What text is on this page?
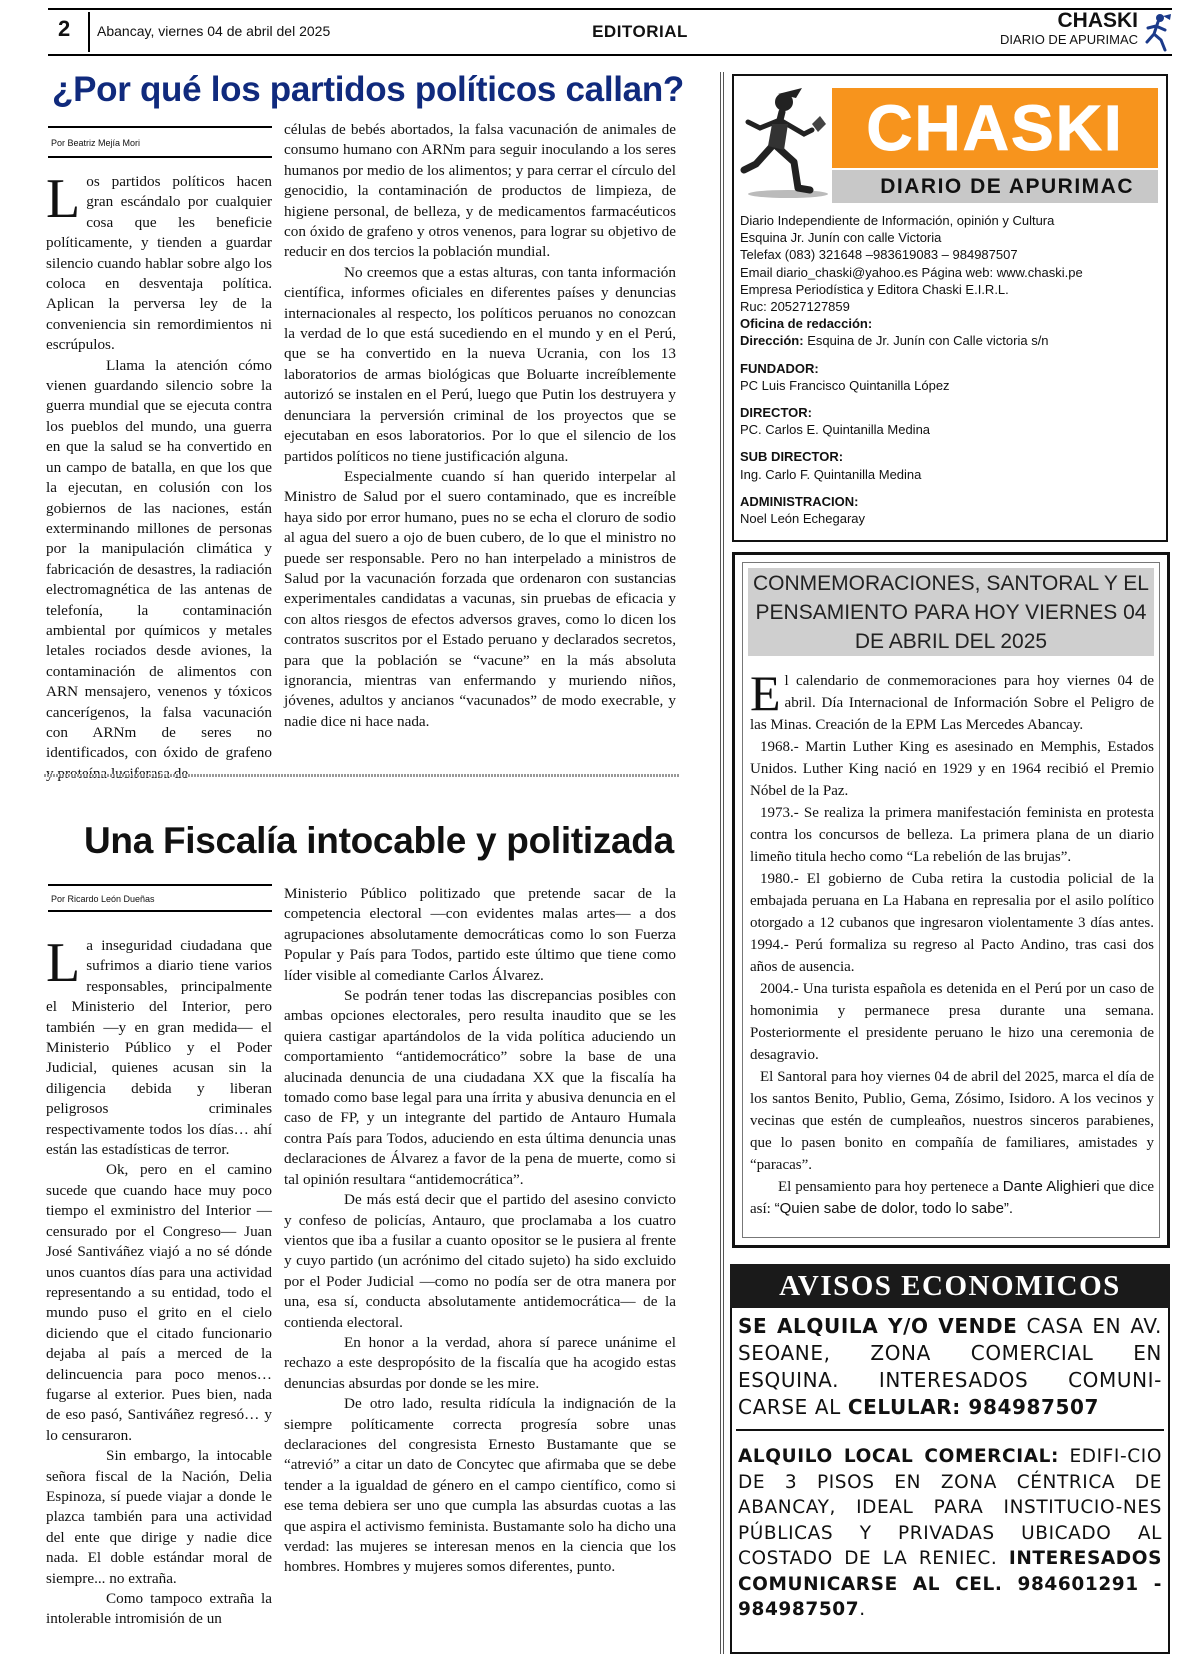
2 Abancay, viernes 04 de abril del 2025	EDITORIAL	CHASKI
DIARIO DE APURIMAC
¿Por qué los partidos políticos callan?
Por Beatriz Mejía Mori

Los partidos políticos hacen gran escándalo por cualquier cosa que les beneficie políticamente, y tienden a guardar silencio cuando hablar sobre algo los coloca en desventaja política. Aplican la perversa ley de la conveniencia sin remordimientos ni escrúpulos.

Llama la atención cómo vienen guardando silencio sobre la guerra mundial que se ejecuta contra los pueblos del mundo, una guerra en que la salud se ha convertido en un campo de batalla, en que los que la ejecutan, en colusión con los gobiernos de las naciones, están exterminando millones de personas por la manipulación climática y fabricación de desastres, la radiación electromagnética de las antenas de telefonía, la contaminación ambiental por químicos y metales letales rociados desde aviones, la contaminación de alimentos con ARN mensajero, venenos y tóxicos cancerígenos, la falsa vacunación con ARNm de seres no identificados, con óxido de grafeno

células de bebés abortados, la falsa vacunación de animales de consumo humano con ARNm para seguir inoculando a los seres humanos por medio de los alimentos; y para cerrar el círculo del genocidio, la contaminación de productos de limpieza, de higiene personal, de belleza, y de medicamentos farmacéuticos con óxido de grafeno y otros venenos, para lograr su objetivo de reducir en dos tercios la población mundial.

No creemos que a estas alturas, con tanta información científica, informes oficiales en diferentes países y denuncias internacionales al respecto, los políticos peruanos no conozcan la verdad de lo que está sucediendo en el mundo y en el Perú, que se ha convertido en la nueva Ucrania, con los 13 laboratorios de armas biológicas que Boluarte increíblemente autorizó se instalen en el Perú, luego que Putin los destruyera y denunciara la perversión criminal de los proyectos que se ejecutaban en esos laboratorios. Por lo que el silencio de los partidos políticos no tiene justificación alguna.

Especialmente cuando sí han querido interpelar al Ministro de Salud por el suero contaminado, que es increíble haya sido por error humano, pues no se echa el cloruro de sodio al agua del suero a ojo de buen cubero, de lo que el ministro no puede ser responsable. Pero no han interpelado a ministros de Salud por la vacunación forzada que ordenaron con sustancias experimentales candidatas a vacunas, sin pruebas de eficacia y con altos riesgos de efectos adversos graves, como lo dicen los contratos suscritos por el Estado peruano y declarados secretos, para que la población se “vacune” en la más absoluta ignorancia, mientras van enfermando y muriendo niños, jóvenes, adultos y ancianos “vacunados” de modo execrable, y nadie dice ni hace nada.

Una Fiscalía intocable y politizada
Por Ricardo León Dueñas

La inseguridad ciudadana que sufrimos a diario tiene varios responsables, principalmente el Ministerio del Interior, pero también —y en gran medida— el Ministerio Público y el Poder Judicial, quienes acusan sin la diligencia debida y liberan peligrosos criminales respectivamente todos los días… ahí están las estadísticas de terror.

Ok, pero en el camino sucede que cuando hace muy poco tiempo el exministro del Interior —censurado por el Congreso— Juan José Santiváñez viajó a no sé dónde unos cuantos días para una actividad representando a su entidad, todo el mundo puso el grito en el cielo diciendo que el citado funcionario dejaba al país a merced de la delincuencia para poco menos… fugarse al exterior. Pues bien, nada de eso pasó, Santiváñez regresó… y lo censuraron.

Sin embargo, la intocable señora fiscal de la Nación, Delia Espinoza, sí puede viajar a donde le plazca también para una actividad del ente que dirige y nadie dice nada. El doble estándar moral de siempre... no extraña.

Como tampoco extraña la intolerable intromisión de un

Ministerio Público politizado que pretende sacar de la competencia electoral —con evidentes malas artes— a dos agrupaciones absolutamente democráticas como lo son Fuerza Popular y País para Todos, partido este último que tiene como líder visible al comediante Carlos Álvarez.

Se podrán tener todas las discrepancias posibles con ambas opciones electorales, pero resulta inaudito que se les quiera castigar apartándolos de la vida política aduciendo un comportamiento “antidemocrático” sobre la base de una alucinada denuncia de una ciudadana XX que la fiscalía ha tomado como base legal para una írrita y abusiva denuncia en el caso de FP, y un integrante del partido de Antauro Humala contra País para Todos, aduciendo en esta última denuncia unas declaraciones de Álvarez a favor de la pena de muerte, como si tal opinión resultara “antidemocrática”.

De más está decir que el partido del asesino convicto y confeso de policías, Antauro, que proclamaba a los cuatro vientos que iba a fusilar a cuanto opositor se le pusiera al frente y cuyo partido (un acrónimo del citado sujeto) ha sido excluido por el Poder Judicial —como no podía ser de otra manera por una, esa sí, conducta absolutamente antidemocrática— de la contienda electoral.

En honor a la verdad, ahora sí parece unánime el rechazo a este despropósito de la fiscalía que ha acogido estas denuncias absurdas por donde se les mire.

De otro lado, resulta ridícula la indignación de la siempre políticamente correcta progresía sobre unas declaraciones del congresista Ernesto Bustamante que se “atrevió” a citar un dato de Concytec que afirmaba que se debe tender a la igualdad de género en el campo científico, como si ese tema debiera ser uno que cumpla las absurdas cuotas a las que aspira el activismo feminista. Bustamante solo ha dicho una verdad: las mujeres se interesan menos en la ciencia que los hombres. Hombres y mujeres somos diferentes, punto.

CHASKI
DIARIO DE APURIMAC
Diario Independiente de Información, opinión y Cultura
Esquina Jr. Junín con calle Victoria
Telefax (083) 321648 –983619083 – 984987507
Email diario_chaski@yahoo.es Página web: www.chaski.pe
Empresa Periodística y Editora Chaski E.I.R.L.
Ruc: 20527127859
Oficina de redacción:
Dirección: Esquina de Jr. Junín con Calle victoria s/n
FUNDADOR:
PC Luis Francisco Quintanilla López
DIRECTOR:
PC. Carlos E. Quintanilla Medina
SUB DIRECTOR:
Ing. Carlo F. Quintanilla Medina
ADMINISTRACION:
Noel León Echegaray
CONMEMORACIONES, SANTORAL Y EL PENSAMIENTO PARA HOY VIERNES 04 DE ABRIL DEL 2025

El calendario de conmemoraciones para hoy viernes 04 de abril. Día Internacional de Información Sobre el Peligro de las Minas. Creación de la EPM Las Mercedes Abancay.

1968.- Martin Luther King es asesinado en Memphis, Estados Unidos. Luther King nació en 1929 y en 1964 recibió el Premio Nóbel de la Paz.

1973.- Se realiza la primera manifestación feminista en protesta contra los concursos de belleza. La primera plana de un diario limeño titula hecho como “La rebelión de las brujas”.

1980.- El gobierno de Cuba retira la custodia policial de la embajada peruana en La Habana en represalia por el asilo político otorgado a 12 cubanos que ingresaron violentamente 3 días antes. 1994.- Perú formaliza su regreso al Pacto Andino, tras casi dos años de ausencia.

2004.- Una turista española es detenida en el Perú por un caso de homonimia y permanece presa durante una semana. Posteriormente el presidente peruano le hizo una ceremonia de desagravio.

El Santoral para hoy viernes 04 de abril del 2025, marca el día de los santos Benito, Publio, Gema, Zósimo, Isidoro. A los vecinos y vecinas que estén de cumpleaños, nuestros sinceros parabienes, que lo pasen bonito en compañía de familiares, amistades y “paracas”.

El pensamiento para hoy pertenece a Dante Alighieri que dice así: “Quien sabe de dolor, todo lo sabe”.

AVISOS ECONOMICOS
SE ALQUILA Y/O VENDE CASA EN AV. SEOANE, ZONA COMERCIAL EN ESQUINA. INTERESADOS COMUNI-CARSE AL CELULAR: 984987507
ALQUILO LOCAL COMERCIAL: EDIFI-CIO DE 3 PISOS EN ZONA CÉNTRICA DE ABANCAY, IDEAL PARA INSTITUCIO-NES PÚBLICAS Y PRIVADAS UBICADO AL COSTADO DE LA RENIEC. INTERESADOS COMUNICARSE AL CEL. 984601291 - 984987507.
